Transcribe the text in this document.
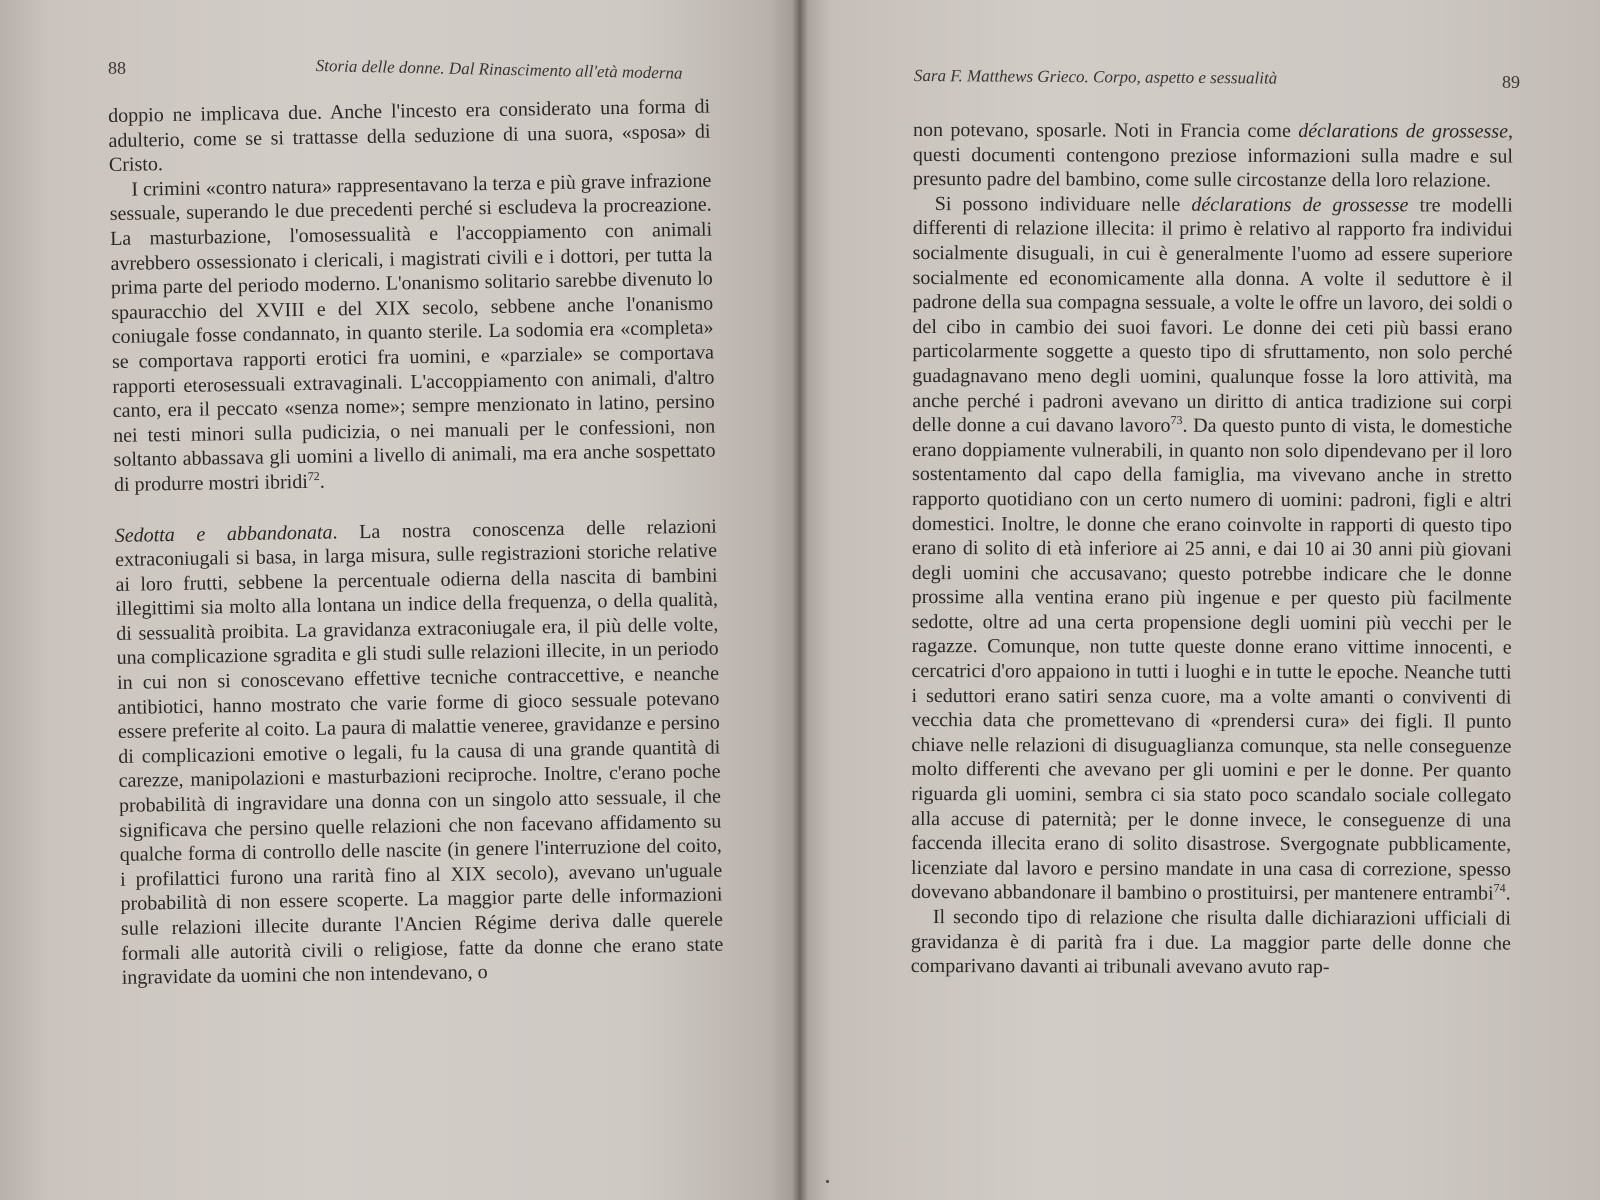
88	Storia delle donne. Dal Rinascimento all'età moderna

doppio ne implicava due. Anche l'incesto era considerato una forma di adulterio, come se si trattasse della seduzione di una suora, «sposa» di Cristo.

I crimini «contro natura» rappresentavano la terza e più grave infrazione sessuale, superando le due precedenti perché si escludeva la procreazione. La masturbazione, l'omosessualità e l'accoppiamento con animali avrebbero ossessionato i clericali, i magistrati civili e i dottori, per tutta la prima parte del periodo moderno. L'onanismo solitario sarebbe divenuto lo spauracchio del XVIII e del XIX secolo, sebbene anche l'onanismo coniugale fosse condannato, in quanto sterile. La sodomia era «completa» se comportava rapporti erotici fra uomini, e «parziale» se comportava rapporti eterosessuali extravaginali. L'accoppiamento con animali, d'altro canto, era il peccato «senza nome»; sempre menzionato in latino, persino nei testi minori sulla pudicizia, o nei manuali per le confessioni, non soltanto abbassava gli uomini a livello di animali, ma era anche sospettato di produrre mostri ibridi$^{72}$.

Sedotta e abbandonata. La nostra conoscenza delle relazioni extraconiugali si basa, in larga misura, sulle registrazioni storiche relative ai loro frutti, sebbene la percentuale odierna della nascita di bambini illegittimi sia molto alla lontana un indice della frequenza, o della qualità, di sessualità proibita. La gravidanza extraconiugale era, il più delle volte, una complicazione sgradita e gli studi sulle relazioni illecite, in un periodo in cui non si conoscevano effettive tecniche contraccettive, e neanche antibiotici, hanno mostrato che varie forme di gioco sessuale potevano essere preferite al coito. La paura di malattie veneree, gravidanze e persino di complicazioni emotive o legali, fu la causa di una grande quantità di carezze, manipolazioni e masturbazioni reciproche. Inoltre, c'erano poche probabilità di ingravidare una donna con un singolo atto sessuale, il che significava che persino quelle relazioni che non facevano affidamento su qualche forma di controllo delle nascite (in genere l'interruzione del coito, i profilattici furono una rarità fino al XIX secolo), avevano un'uguale probabilità di non essere scoperte. La maggior parte delle informazioni sulle relazioni illecite durante l'Ancien Régime deriva dalle querele formali alle autorità civili o religiose, fatte da donne che erano state ingravidate da uomini che non intendevano, o

Sara F. Matthews Grieco. Corpo, aspetto e sessualità	89

non potevano, sposarle. Noti in Francia come déclarations de grossesse, questi documenti contengono preziose informazioni sulla madre e sul presunto padre del bambino, come sulle circostanze della loro relazione.

Si possono individuare nelle déclarations de grossesse tre modelli differenti di relazione illecita: il primo è relativo al rapporto fra individui socialmente disuguali, in cui è generalmente l'uomo ad essere superiore socialmente ed economicamente alla donna. A volte il seduttore è il padrone della sua compagna sessuale, a volte le offre un lavoro, dei soldi o del cibo in cambio dei suoi favori. Le donne dei ceti più bassi erano particolarmente soggette a questo tipo di sfruttamento, non solo perché guadagnavano meno degli uomini, qualunque fosse la loro attività, ma anche perché i padroni avevano un diritto di antica tradizione sui corpi delle donne a cui davano lavoro$^{73}$. Da questo punto di vista, le domestiche erano doppiamente vulnerabili, in quanto non solo dipendevano per il loro sostentamento dal capo della famiglia, ma vivevano anche in stretto rapporto quotidiano con un certo numero di uomini: padroni, figli e altri domestici. Inoltre, le donne che erano coinvolte in rapporti di questo tipo erano di solito di età inferiore ai 25 anni, e dai 10 ai 30 anni più giovani degli uomini che accusavano; questo potrebbe indicare che le donne prossime alla ventina erano più ingenue e per questo più facilmente sedotte, oltre ad una certa propensione degli uomini più vecchi per le ragazze. Comunque, non tutte queste donne erano vittime innocenti, e cercatrici d'oro appaiono in tutti i luoghi e in tutte le epoche. Neanche tutti i seduttori erano satiri senza cuore, ma a volte amanti o conviventi di vecchia data che promettevano di «prendersi cura» dei figli. Il punto chiave nelle relazioni di disuguaglianza comunque, sta nelle conseguenze molto differenti che avevano per gli uomini e per le donne. Per quanto riguarda gli uomini, sembra ci sia stato poco scandalo sociale collegato alla accuse di paternità; per le donne invece, le conseguenze di una faccenda illecita erano di solito disastrose. Svergognate pubblicamente, licenziate dal lavoro e persino mandate in una casa di correzione, spesso dovevano abbandonare il bambino o prostituirsi, per mantenere entrambi$^{74}$.

Il secondo tipo di relazione che risulta dalle dichiarazioni ufficiali di gravidanza è di parità fra i due. La maggior parte delle donne che comparivano davanti ai tribunali avevano avuto rap-
